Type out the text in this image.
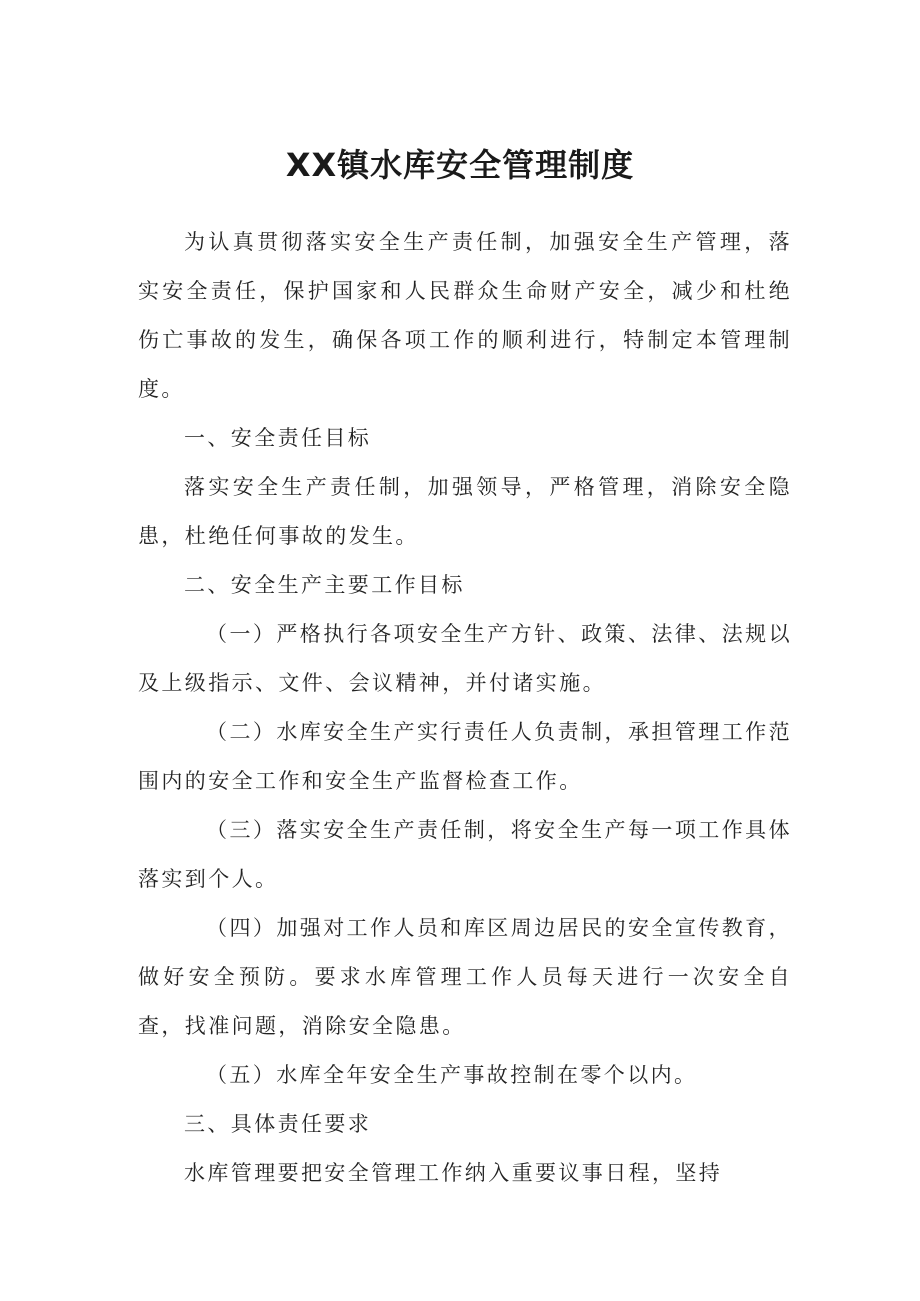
XX镇水库安全管理制度

为认真贯彻落实安全生产责任制，加强安全生产管理，落实安全责任，保护国家和人民群众生命财产安全，减少和杜绝伤亡事故的发生，确保各项工作的顺利进行，特制定本管理制度。

一、安全责任目标

落实安全生产责任制，加强领导，严格管理，消除安全隐患，杜绝任何事故的发生。

二、安全生产主要工作目标

（一）严格执行各项安全生产方针、政策、法律、法规以及上级指示、文件、会议精神，并付诸实施。

（二）水库安全生产实行责任人负责制，承担管理工作范围内的安全工作和安全生产监督检查工作。

（三）落实安全生产责任制，将安全生产每一项工作具体落实到个人。

（四）加强对工作人员和库区周边居民的安全宣传教育，做好安全预防。要求水库管理工作人员每天进行一次安全自查，找准问题，消除安全隐患。

（五）水库全年安全生产事故控制在零个以内。

三、具体责任要求

水库管理要把安全管理工作纳入重要议事日程，坚持
